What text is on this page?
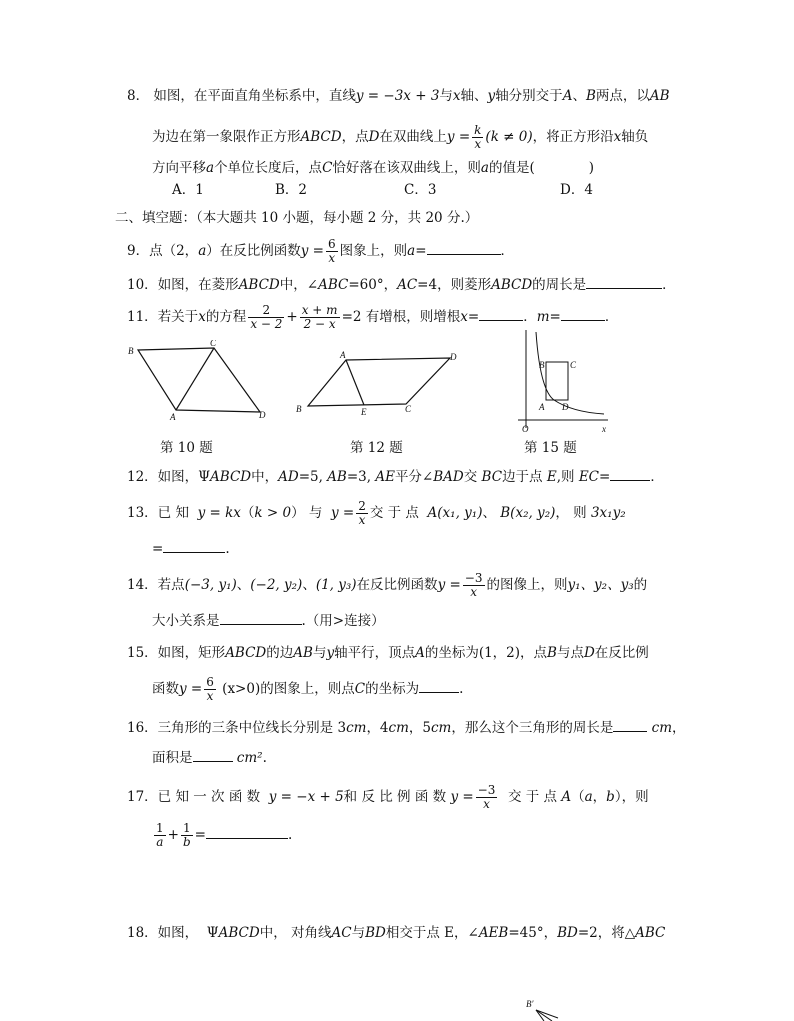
8． 如图，在平面直角坐标系中，直线y = −3x + 3与x轴、y轴分别交于A、B两点，以AB
为边在第一象限作正方形ABCD，点D在双曲线上$y = \frac{k}{x} (k \ne 0)$，将正方形沿x轴负
方向平移a个单位长度后，点C恰好落在该双曲线上，则a的值是(	)
A．1	B．2	C．3	D．4
二、填空题：（本大题共 10 小题，每小题 2 分，共 20 分.）
9．点（2，a）在反比例函数$y = \frac{6}{x}$ 图象上，则a=	．
10．如图，在菱形ABCD中，∠ABC=60°，AC=4，则菱形ABCD的周长是	．
11．若关于x的方程 $\frac{2}{x - 2} + \frac{x + m}{2 - x} =2$ 有增根，则增根x=	．m=	．
B
C
A	D
第 10 题
A	D
B	E	C
第 12 题
B	C
A D
O	x
第 15 题
12．如图，ΨABCD中，AD=5, AB=3, AE平分∠BAD交 BC边于点 E,则 EC=	．
13．已 知 y = kx（k > 0） 与 $y = \frac{2}{x}$ 交 于 点 A(x₁, y₁)、 B(x₂, y₂)， 则 3x₁y₂
=	.
14．若点(−3, y₁)、(−2, y₂)、(1, y₃)在反比例函数$y = \frac{-3}{x}$ 的图像上，则y₁、y₂、y₃的
大小关系是	.（用>连接）
15．如图，矩形ABCD的边AB与y轴平行，顶点A的坐标为(1，2)，点B与点D在反比例
函数$y = \frac{6}{x} (x>0)$的图象上，则点C的坐标为	.
16．三角形的三条中位线长分别是 3cm，4cm，5cm，那么这个三角形的周长是	cm，
面积是	cm².
17．已 知 一 次 函 数 y = −x + 5和 反 比 例 函 数 $y = \frac{-3}{x}$ 交 于 点 A（a，b），则
$\frac{1}{a} + \frac{1}{b}$ =	.
18．如图， ΨABCD中， 对角线AC与BD相交于点 E，∠AEB=45°，BD=2，将△ABC
B′
